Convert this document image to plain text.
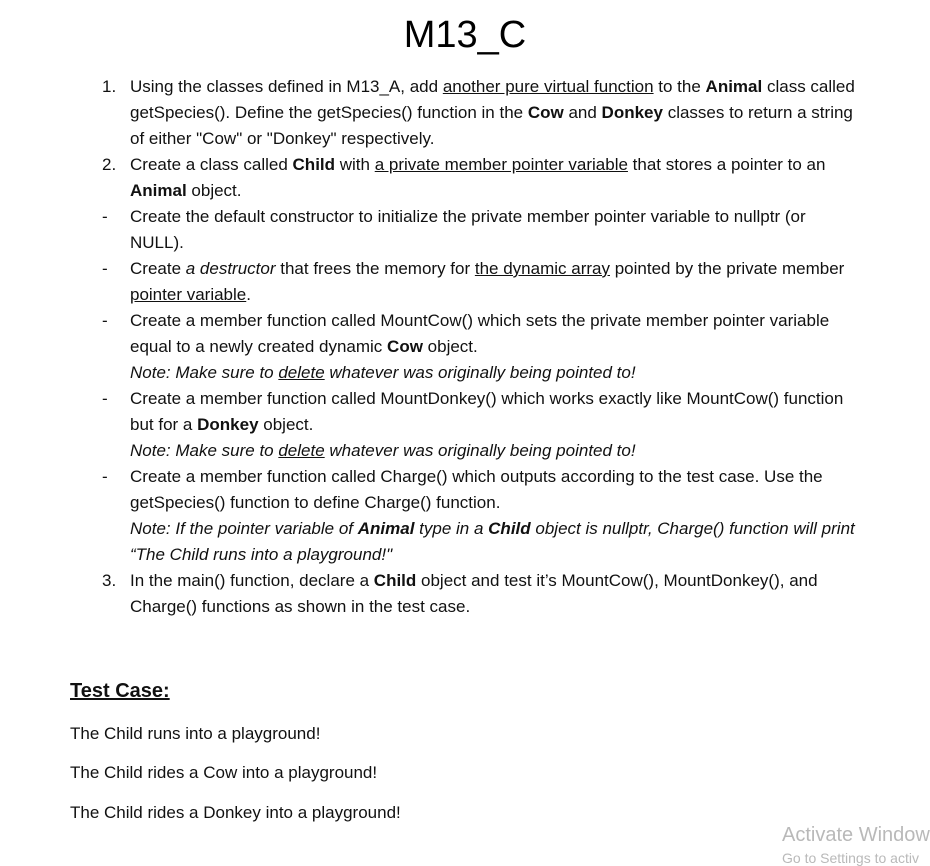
M13_C
1. Using the classes defined in M13_A, add another pure virtual function to the Animal class called getSpecies(). Define the getSpecies() function in the Cow and Donkey classes to return a string of either "Cow" or "Donkey" respectively.
2. Create a class called Child with a private member pointer variable that stores a pointer to an Animal object.
-	Create the default constructor to initialize the private member pointer variable to nullptr (or NULL).
-	Create a destructor that frees the memory for the dynamic array pointed by the private member pointer variable.
-	Create a member function called MountCow() which sets the private member pointer variable equal to a newly created dynamic Cow object.
Note: Make sure to delete whatever was originally being pointed to!
-	Create a member function called MountDonkey() which works exactly like MountCow() function but for a Donkey object.
Note: Make sure to delete whatever was originally being pointed to!
-	Create a member function called Charge() which outputs according to the test case. Use the getSpecies() function to define Charge() function.
Note: If the pointer variable of Animal type in a Child object is nullptr, Charge() function will print “The Child runs into a playground!"
3. In the main() function, declare a Child object and test it’s MountCow(), MountDonkey(), and Charge() functions as shown in the test case.
Test Case:

The Child runs into a playground!

The Child rides a Cow into a playground!

The Child rides a Donkey into a playground!

Activate Window
Go to Settings to activ
